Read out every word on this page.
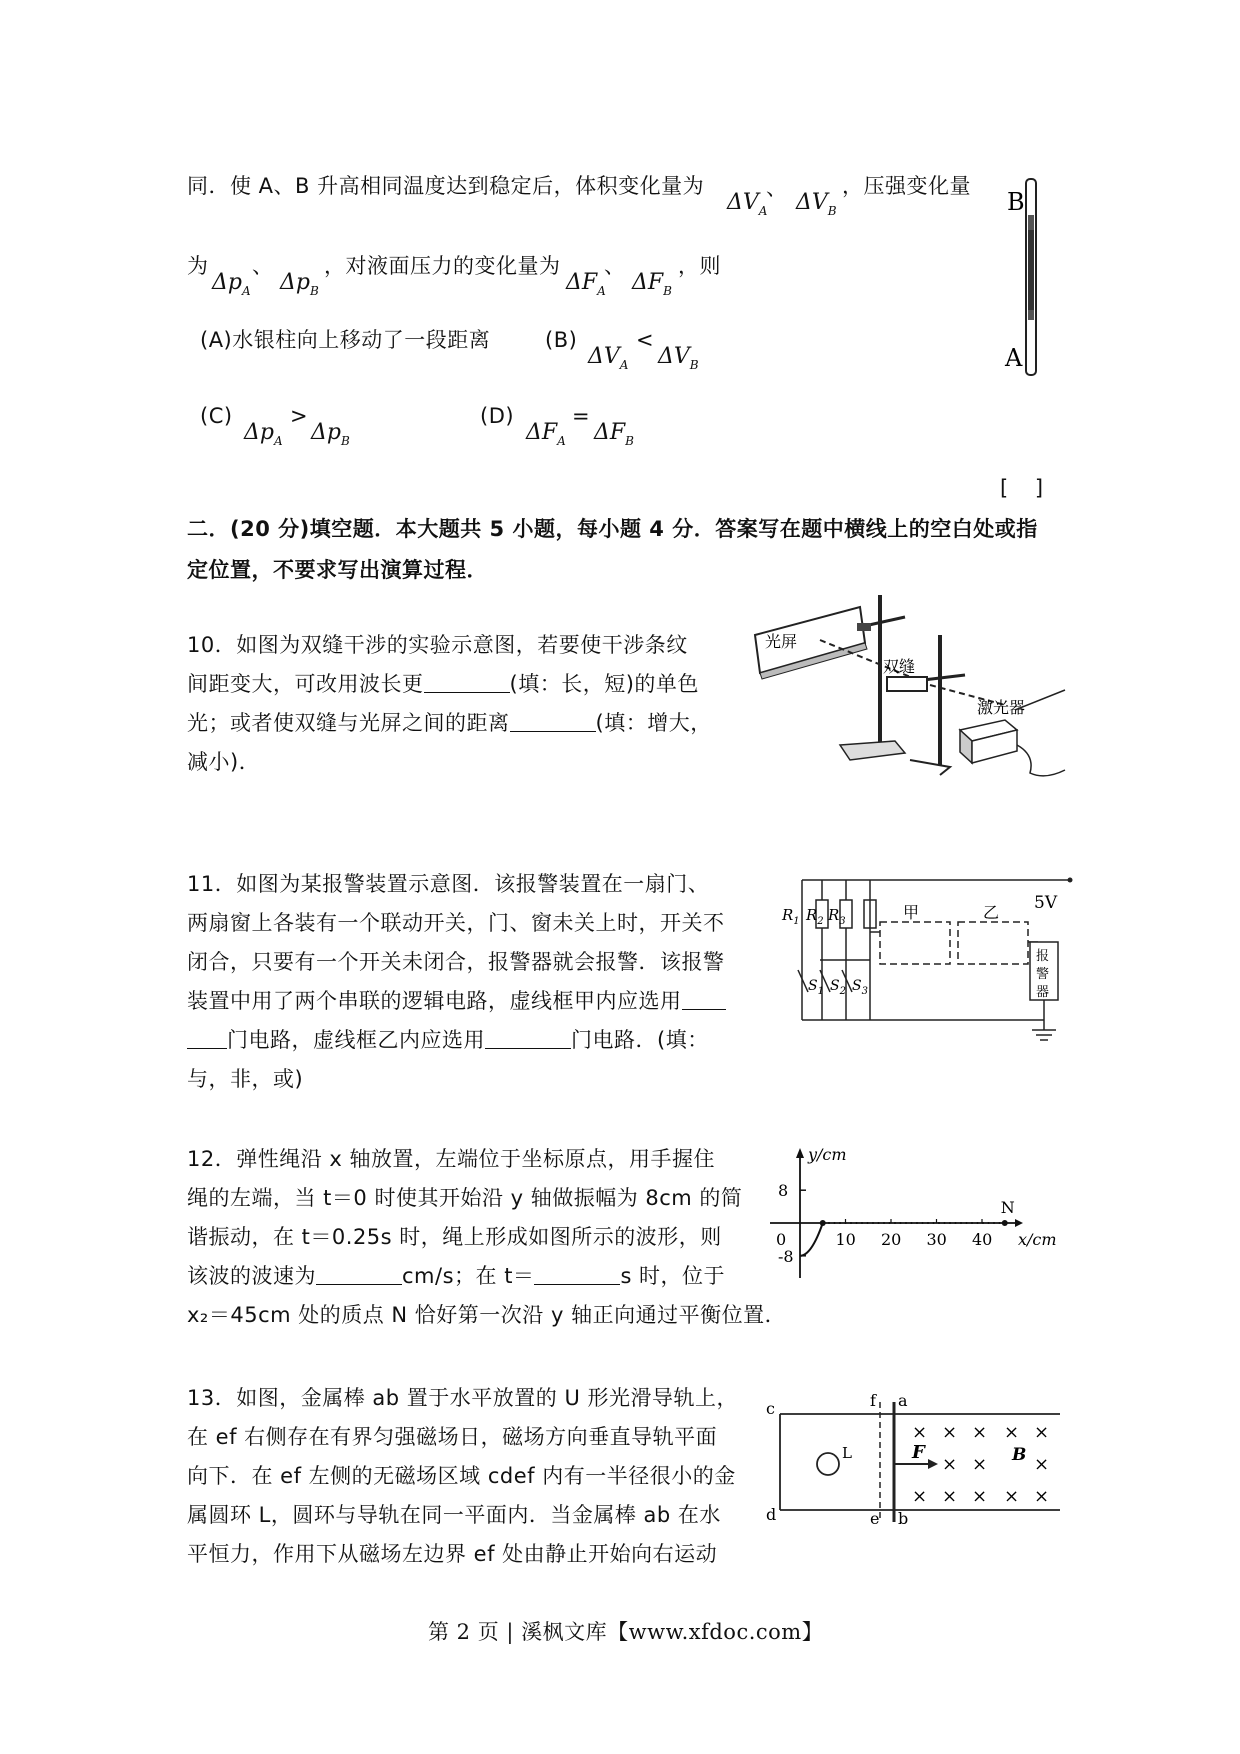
同．使 A、B 升高相同温度达到稳定后，体积变化量为
$\Delta V_A$
、
$\Delta V_B$
，压强变化量
为
$\Delta p_A$
、
$\Delta p_B$
，对液面压力的变化量为
$\Delta F_A$
、
$\Delta F_B$
，则
(A)水银柱向上移动了一段距离	(B)
$\Delta V_A$
<
$\Delta V_B$
(C)
$\Delta p_A$
>
$\Delta p_B$
(D)
$\Delta F_A$
=
$\Delta F_B$
[ ]
B
A
二．(20 分)填空题．本大题共 5 小题，每小题 4 分．答案写在题中横线上的空白处或指
定位置，不要求写出演算过程．
10．如图为双缝干涉的实验示意图，若要使干涉条纹
间距变大，可改用波长更	(填：长，短)的单色
光；或者使双缝与光屏之间的距离	(填：增大，
减小)．
光屏
双缝
激光器
11．如图为某报警装置示意图．该报警装置在一扇门、
两扇窗上各装有一个联动开关，门、窗未关上时，开关不
闭合，只要有一个开关未闭合，报警器就会报警．该报警
装置中用了两个串联的逻辑电路，虚线框甲内应选用
门电路，虚线框乙内应选用	门电路．(填：
与，非，或)
5V
$R_1$ $R_2$ $R_3$	甲	乙
报
警
器
$S_1$ $S_2$ $S_3$
12．弹性绳沿 x 轴放置，左端位于坐标原点，用手握住
绳的左端，当 t＝0 时使其开始沿 y 轴做振幅为 8cm 的简
谐振动，在 t＝0.25s 时，绳上形成如图所示的波形，则
该波的波速为	cm/s；在 t＝	s 时，位于
x₂＝45cm 处的质点 N 恰好第一次沿 y 轴正向通过平衡位置．
8
-8
0	10 20 30 40 x/cm
y/cm
N
13．如图，金属棒 ab 置于水平放置的 U 形光滑导轨上，
在 ef 右侧存在有界匀强磁场日，磁场方向垂直导轨平面
向下．在 ef 左侧的无磁场区域 cdef 内有一半径很小的金
属圆环 L，圆环与导轨在同一平面内．当金属棒 ab 在水
平恒力，作用下从磁场左边界 ef 处由静止开始向右运动
c
d
f
e
a
b
L	F	B
× × × × ×
× ×	×
× × × × ×
第 2 页 | 溪枫文库【www.xfdoc.com】
